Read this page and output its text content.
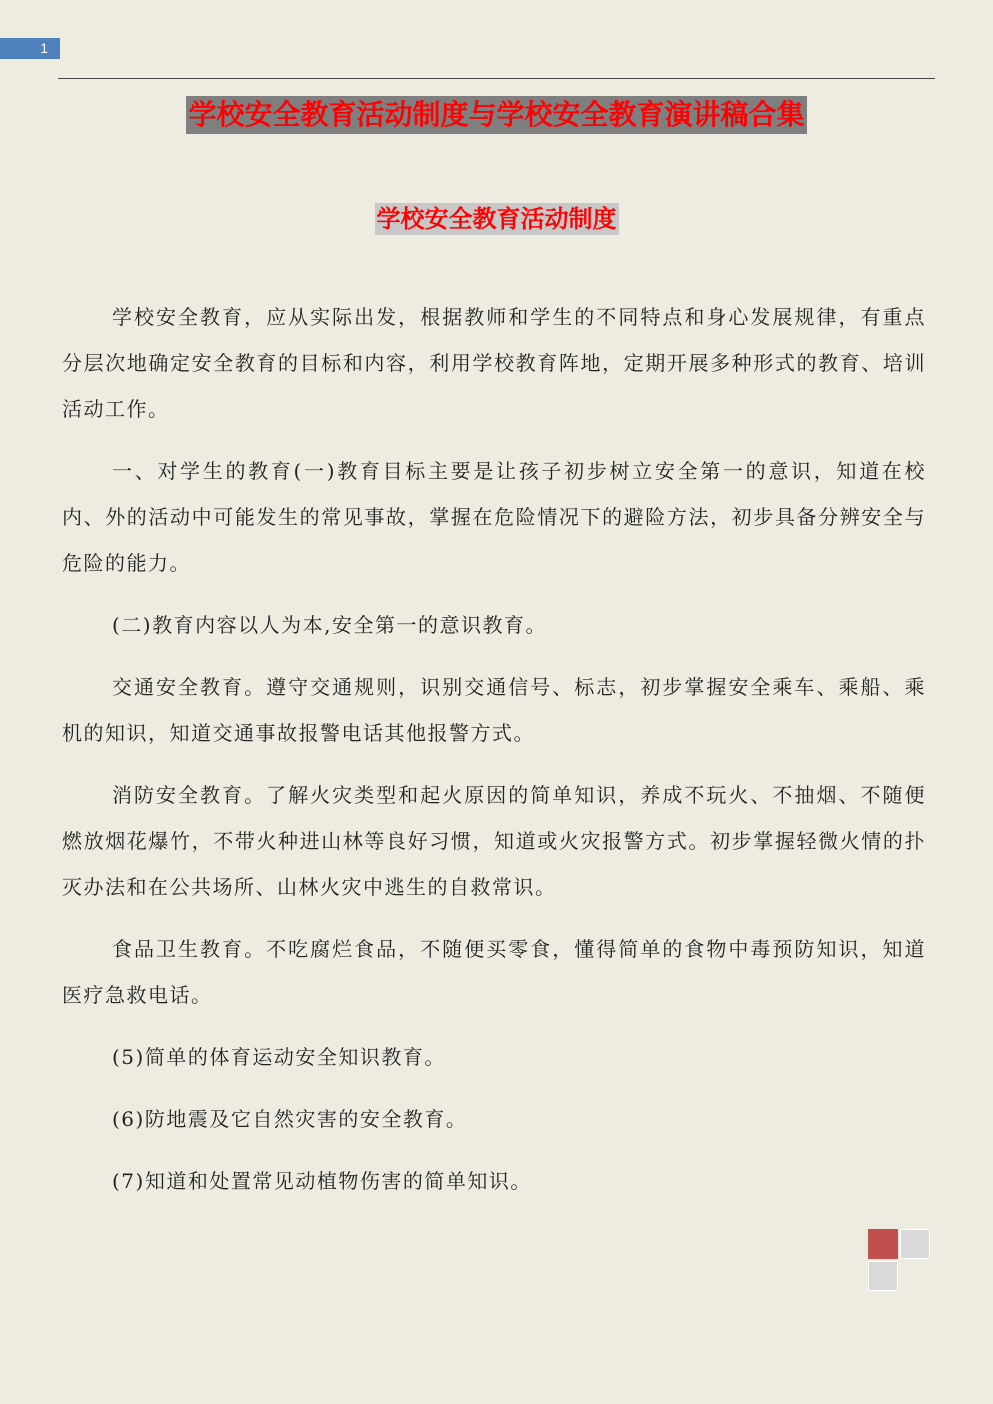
1
学校安全教育活动制度与学校安全教育演讲稿合集
学校安全教育活动制度

学校安全教育，应从实际出发，根据教师和学生的不同特点和身心发展规律，有重点分层次地确定安全教育的目标和内容，利用学校教育阵地，定期开展多种形式的教育、培训活动工作。

一、对学生的教育(一)教育目标主要是让孩子初步树立安全第一的意识，知道在校内、外的活动中可能发生的常见事故，掌握在危险情况下的避险方法，初步具备分辨安全与危险的能力。

(二)教育内容以人为本,安全第一的意识教育。

交通安全教育。遵守交通规则，识别交通信号、标志，初步掌握安全乘车、乘船、乘机的知识，知道交通事故报警电话其他报警方式。

消防安全教育。了解火灾类型和起火原因的简单知识，养成不玩火、不抽烟、不随便燃放烟花爆竹，不带火种进山林等良好习惯，知道或火灾报警方式。初步掌握轻微火情的扑灭办法和在公共场所、山林火灾中逃生的自救常识。

食品卫生教育。不吃腐烂食品，不随便买零食，懂得简单的食物中毒预防知识，知道医疗急救电话。

(5)简单的体育运动安全知识教育。

(6)防地震及它自然灾害的安全教育。

(7)知道和处置常见动植物伤害的简单知识。
